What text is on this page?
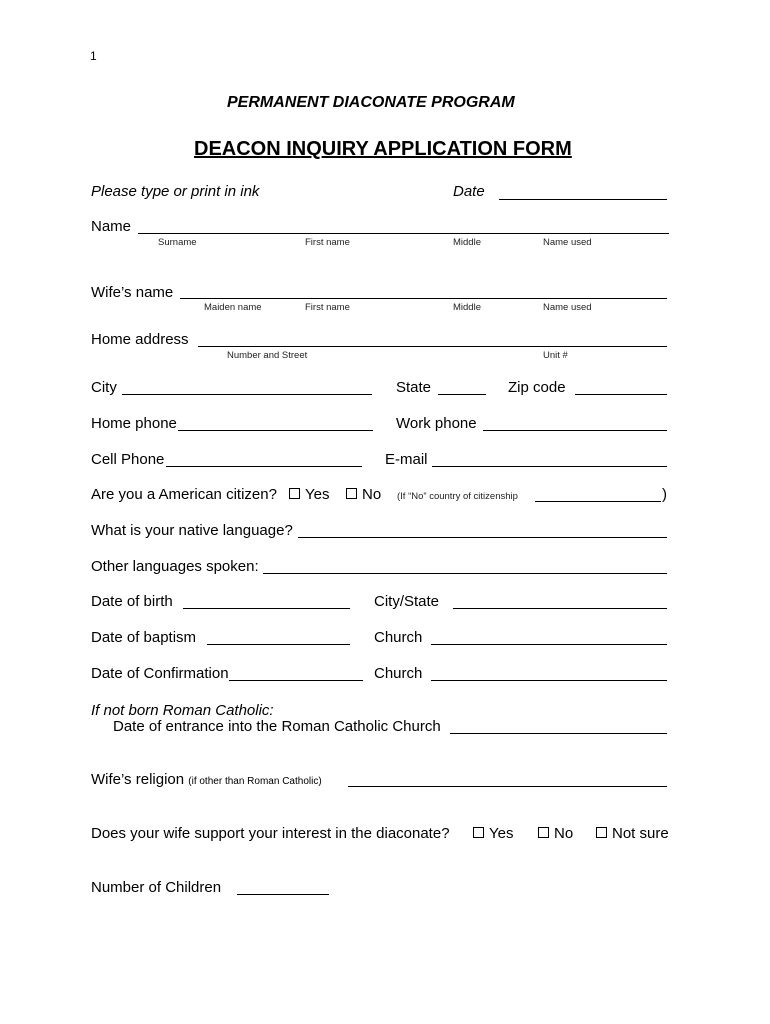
1
PERMANENT DIACONATE PROGRAM
DEACON INQUIRY APPLICATION FORM
Please type or print in ink	Date
Name
Surname	First name	Middle	Name used
Wife’s name
Maiden name	First name	Middle	Name used
Home address
Number and Street	Unit #
City	State	Zip code
Home phone	Work phone
Cell Phone	E-mail
Are you a American citizen?	Yes	No (If “No” country of citizenship	)
What is your native language?
Other languages spoken:
Date of birth	City/State
Date of baptism	Church
Date of Confirmation	Church
If not born Roman Catholic:
Date of entrance into the Roman Catholic Church
Wife’s religion (if other than Roman Catholic)
Does your wife support your interest in the diaconate?	Yes	No	Not sure
Number of Children
